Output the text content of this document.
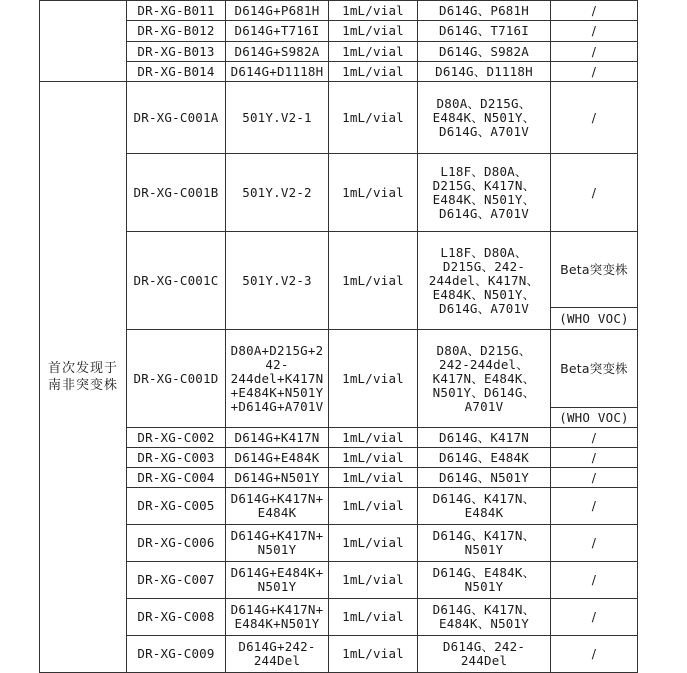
	DR-XG-B011	D614G+P681H	1mL/vial	D614G、P681H	/
	DR-XG-B012	D614G+T716I	1mL/vial	D614G、T716I	/
	DR-XG-B013	D614G+S982A	1mL/vial	D614G、S982A	/
	DR-XG-B014	D614G+D1118H	1mL/vial	D614G、D1118H	/
首次发现于
南非突变株	DR-XG-C001A	501Y.V2-1	1mL/vial	D80A、D215G、
E484K、N501Y、
D614G、A701V	/
	DR-XG-C001B	501Y.V2-2	1mL/vial	L18F、D80A、
D215G、K417N、
E484K、N501Y、
D614G、A701V	/
	DR-XG-C001C	501Y.V2-3	1mL/vial	L18F、D80A、
D215G、242-
244del、K417N、
E484K、N501Y、
D614G、A701V	Beta突变株
					(WHO VOC)
	DR-XG-C001D	D80A+D215G+2
42-
244del+K417N
+E484K+N501Y
+D614G+A701V	1mL/vial	D80A、D215G、
242-244del、
K417N、E484K、
N501Y、D614G、
A701V	Beta突变株
					(WHO VOC)
	DR-XG-C002	D614G+K417N	1mL/vial	D614G、K417N	/
	DR-XG-C003	D614G+E484K	1mL/vial	D614G、E484K	/
	DR-XG-C004	D614G+N501Y	1mL/vial	D614G、N501Y	/
	DR-XG-C005	D614G+K417N+
E484K	1mL/vial	D614G、K417N、
E484K	/
	DR-XG-C006	D614G+K417N+
N501Y	1mL/vial	D614G、K417N、
N501Y	/
	DR-XG-C007	D614G+E484K+
N501Y	1mL/vial	D614G、E484K、
N501Y	/
	DR-XG-C008	D614G+K417N+
E484K+N501Y	1mL/vial	D614G、K417N、
E484K、N501Y	/
	DR-XG-C009	D614G+242-
244Del	1mL/vial	D614G、242-
244Del	/
